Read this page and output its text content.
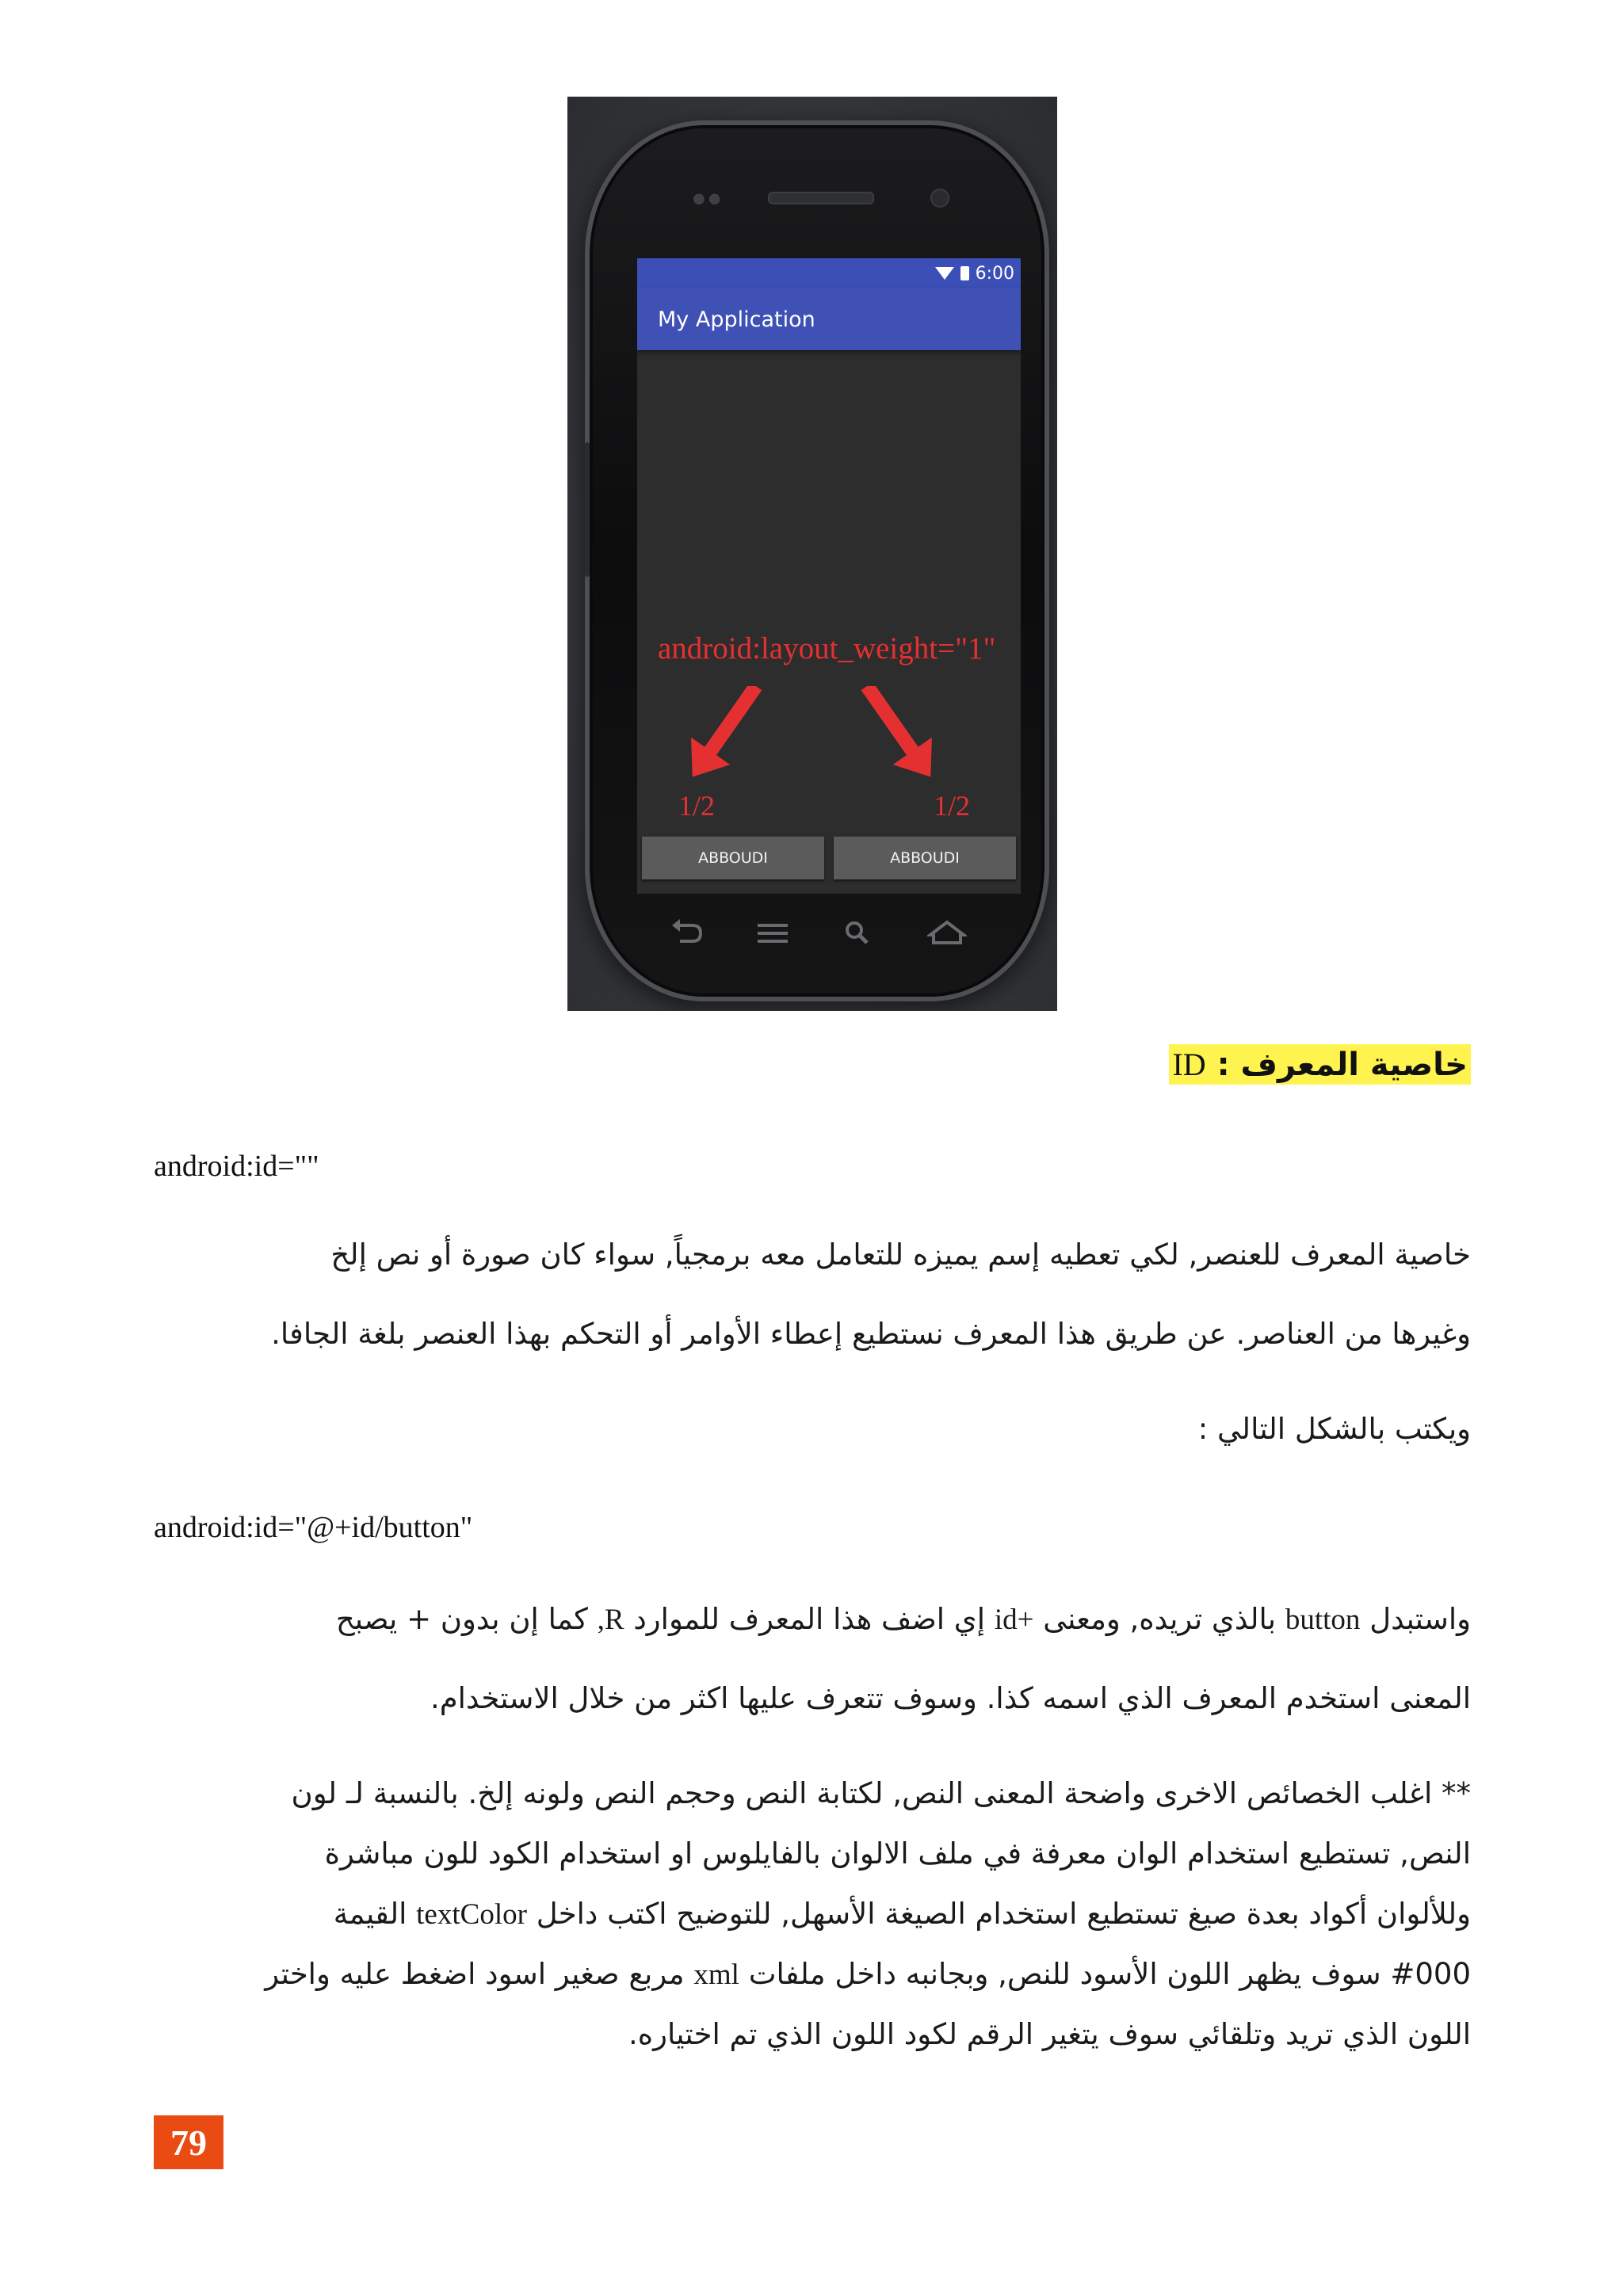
●●
6:00
My Application
android:layout_weight="1"
1/2	1/2
ABBOUDI	ABBOUDI
خاصية المعرف : ID
android:id=""
خاصية المعرف للعنصر, لكي تعطيه إسم يميزه للتعامل معه برمجياً, سواء كان صورة أو نص إلخ
وغيرها من العناصر. عن طريق هذا المعرف نستطيع إعطاء الأوامر أو التحكم بهذا العنصر بلغة الجافا.
ويكتب بالشكل التالي :
android:id="@+id/button"
واستبدل button بالذي تريده, ومعنى +id إي اضف هذا المعرف للموارد R, كما إن بدون + يصبح
المعنى استخدم المعرف الذي اسمه كذا. وسوف تتعرف عليها اكثر من خلال الاستخدام.
** اغلب الخصائص الاخرى واضحة المعنى النص, لكتابة النص وحجم النص ولونه إلخ. بالنسبة لـ لون
النص, تستطيع استخدام الوان معرفة في ملف الالوان بالفايلوس او استخدام الكود للون مباشرة
وللألوان أكواد بعدة صيغ تستطيع استخدام الصيغة الأسهل, للتوضيح اكتب داخل textColor القيمة
#000 سوف يظهر اللون الأسود للنص, وبجانبه داخل ملفات xml مربع صغير اسود اضغط عليه واختر
اللون الذي تريد وتلقائي سوف يتغير الرقم لكود اللون الذي تم اختياره.
79
